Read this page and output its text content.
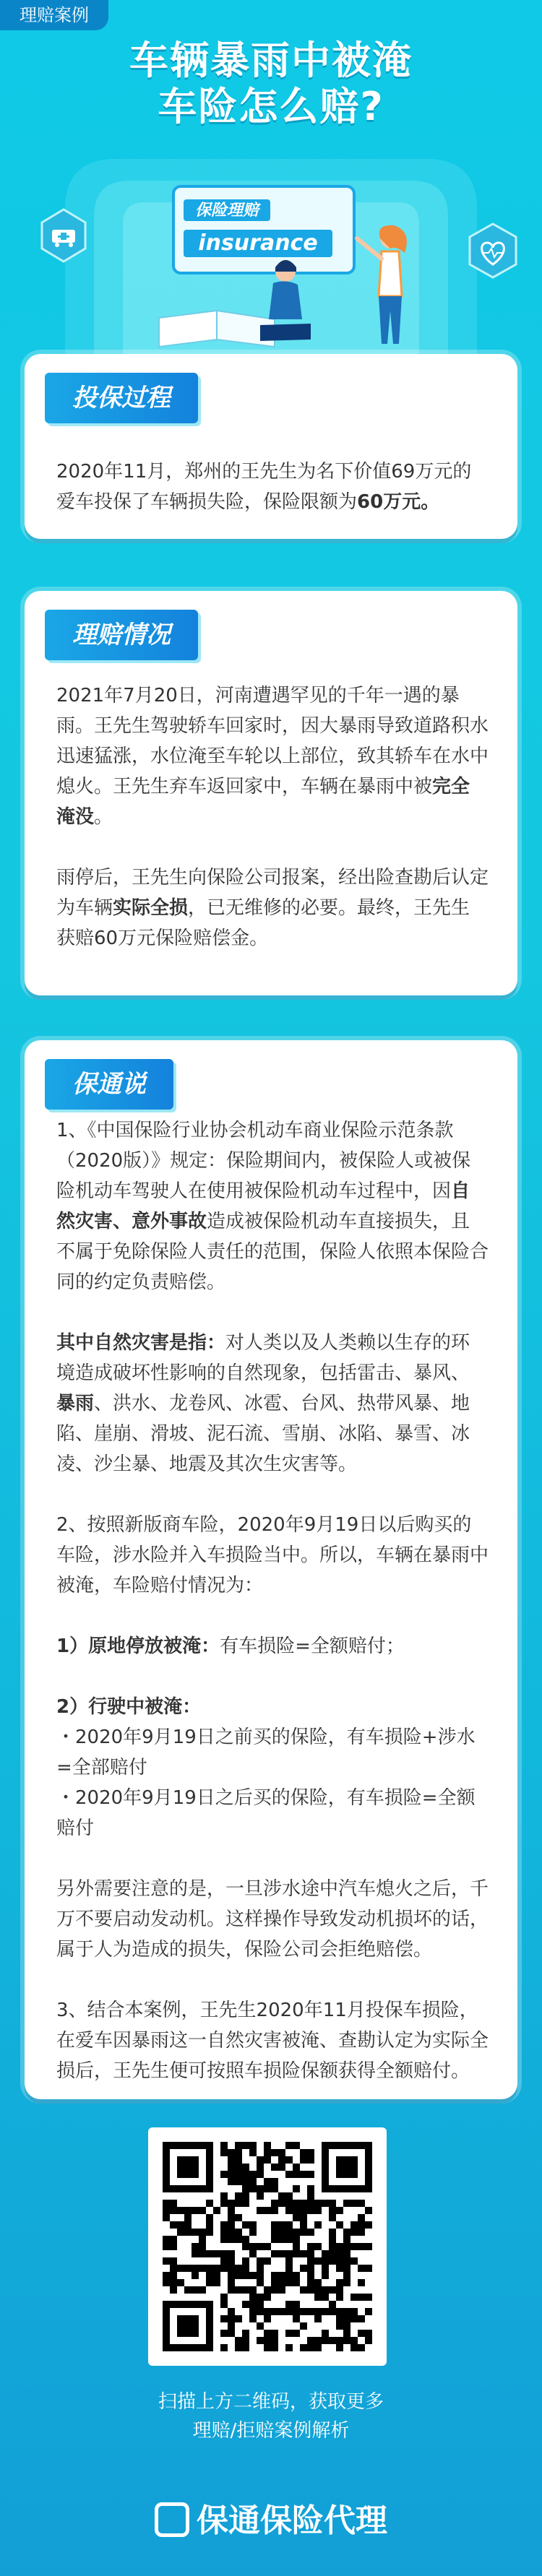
理赔案例
车辆暴雨中被淹
车险怎么赔?
保险理赔
insurance
投保过程

2020年11月，郑州的王先生为名下价值69万元的爱车投保了车辆损失险，保险限额为60万元。

理赔情况

2021年7月20日，河南遭遇罕见的千年一遇的暴雨。王先生驾驶轿车回家时，因大暴雨导致道路积水迅速猛涨，水位淹至车轮以上部位，致其轿车在水中熄火。王先生弃车返回家中，车辆在暴雨中被完全淹没。

雨停后，王先生向保险公司报案，经出险查勘后认定为车辆实际全损，已无维修的必要。最终，王先生获赔60万元保险赔偿金。

保通说

1、《中国保险行业协会机动车商业保险示范条款（2020版）》规定：保险期间内，被保险人或被保险机动车驾驶人在使用被保险机动车过程中，因自然灾害、意外事故造成被保险机动车直接损失，且不属于免除保险人责任的范围，保险人依照本保险合同的约定负责赔偿。

其中自然灾害是指：对人类以及人类赖以生存的环境造成破坏性影响的自然现象，包括雷击、暴风、暴雨、洪水、龙卷风、冰雹、台风、热带风暴、地陷、崖崩、滑坡、泥石流、雪崩、冰陷、暴雪、冰凌、沙尘暴、地震及其次生灾害等。

2、按照新版商车险，2020年9月19日以后购买的车险，涉水险并入车损险当中。所以，车辆在暴雨中被淹，车险赔付情况为：

1）原地停放被淹：有车损险=全额赔付；

2）行驶中被淹：

・2020年9月19日之前买的保险，有车损险+涉水=全部赔付

・2020年9月19日之后买的保险，有车损险=全额赔付

另外需要注意的是，一旦涉水途中汽车熄火之后，千万不要启动发动机。这样操作导致发动机损坏的话，属于人为造成的损失，保险公司会拒绝赔偿。

3、结合本案例，王先生2020年11月投保车损险，在爱车因暴雨这一自然灾害被淹、查勘认定为实际全损后，王先生便可按照车损险保额获得全额赔付。

扫描上方二维码，获取更多
理赔/拒赔案例解析
保通保险代理
